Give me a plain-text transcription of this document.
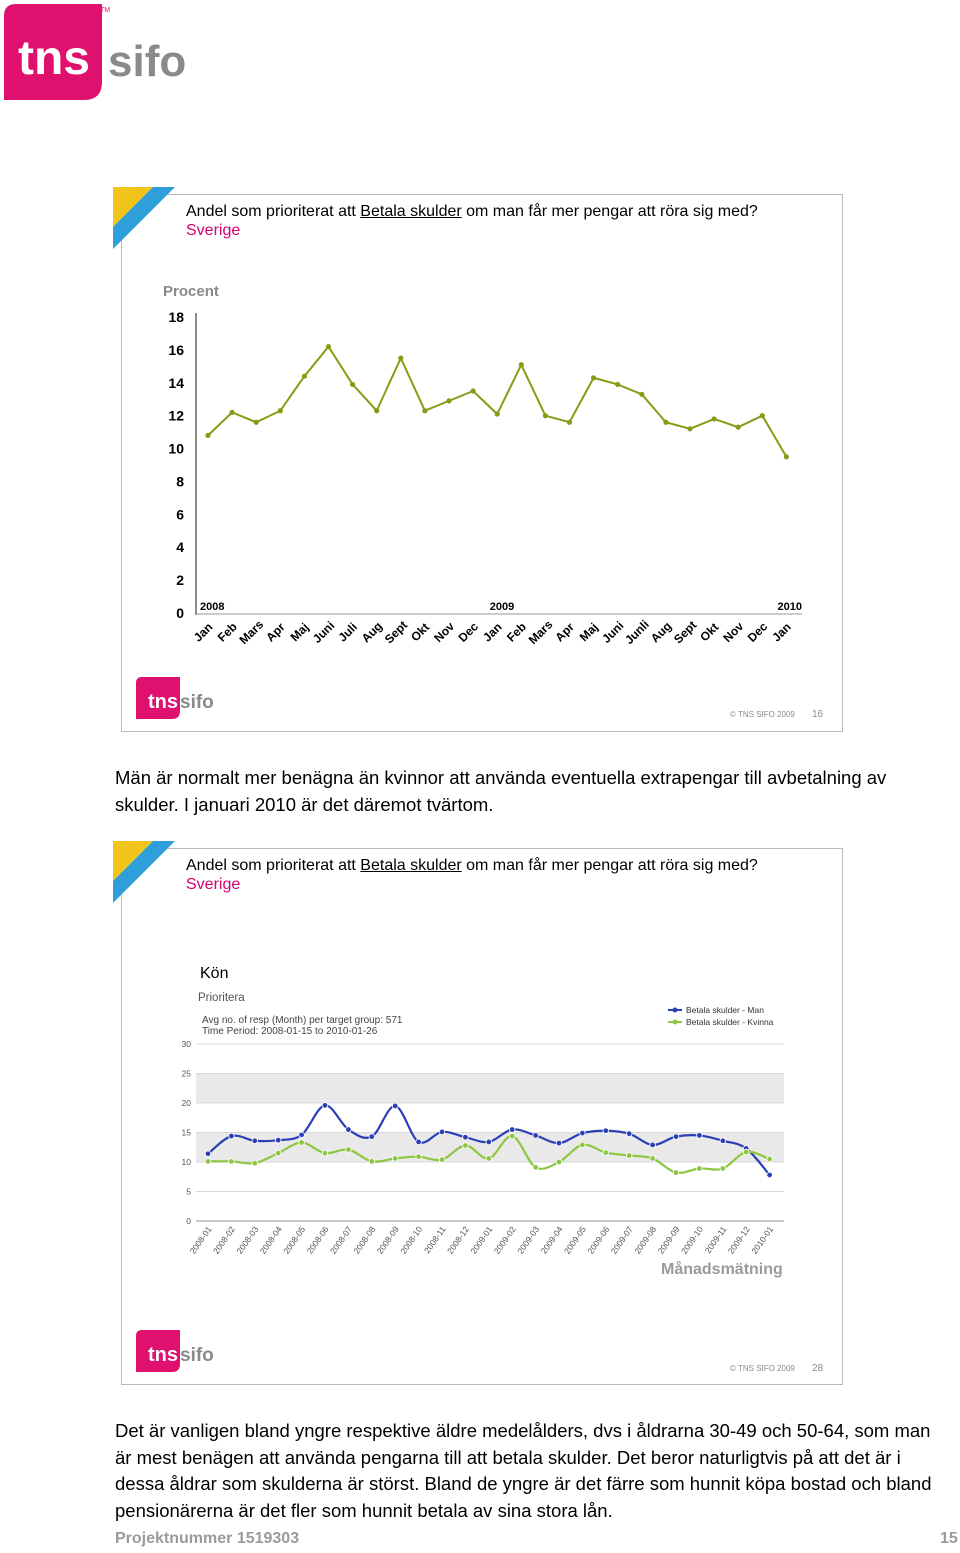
tns sifo
TM
Andel som prioriterat att Betala skulder om man får mer pengar att röra sig med?
Sverige
Procent
0
2
4
6
8
10
12
14
16
18
2008	2009	2010
Jan Feb
Mars
Apr Maj
Juni
Juli
Aug
Sept
Okt Nov
Dec Jan Feb
Mars
Apr Maj
Juni
Junli
Aug
Sept
Okt Nov
Dec Jan
tns sifo
© TNS SIFO 2009 16
Män är normalt mer benägna än kvinnor att använda eventuella extrapengar till avbetalning av skulder. I januari 2010 är det däremot tvärtom.
Andel som prioriterat att Betala skulder om man får mer pengar att röra sig med?
Sverige
Kön
Prioritera
Avg no. of resp (Month) per target group: 571
Time Period: 2008-01-15 to 2010-01-26
Betala skulder - Man
Betala skulder - Kvinna
0
5
10
15
20
25
30
2008-01
2008-02
2008-03
2008-04
2008-05
2008-06
2008-07
2008-08
2008-09
2008-10
2008-11
2008-12
2009-01
2009-02
2009-03
2009-04
2009-05
2009-06
2009-07
2009-08
2009-09
2009-10
2009-11
2009-12
2010-01
Månadsmätning
tns sifo
© TNS SIFO 2009 28
Det är vanligen bland yngre respektive äldre medelålders, dvs i åldrarna 30-49 och 50-64, som man är mest benägen att använda pengarna till att betala skulder. Det beror naturligtvis på att det är i dessa åldrar som skulderna är störst. Bland de yngre är det färre som hunnit köpa bostad och bland pensionärerna är det fler som hunnit betala av sina stora lån.
Projektnummer 1519303	15
